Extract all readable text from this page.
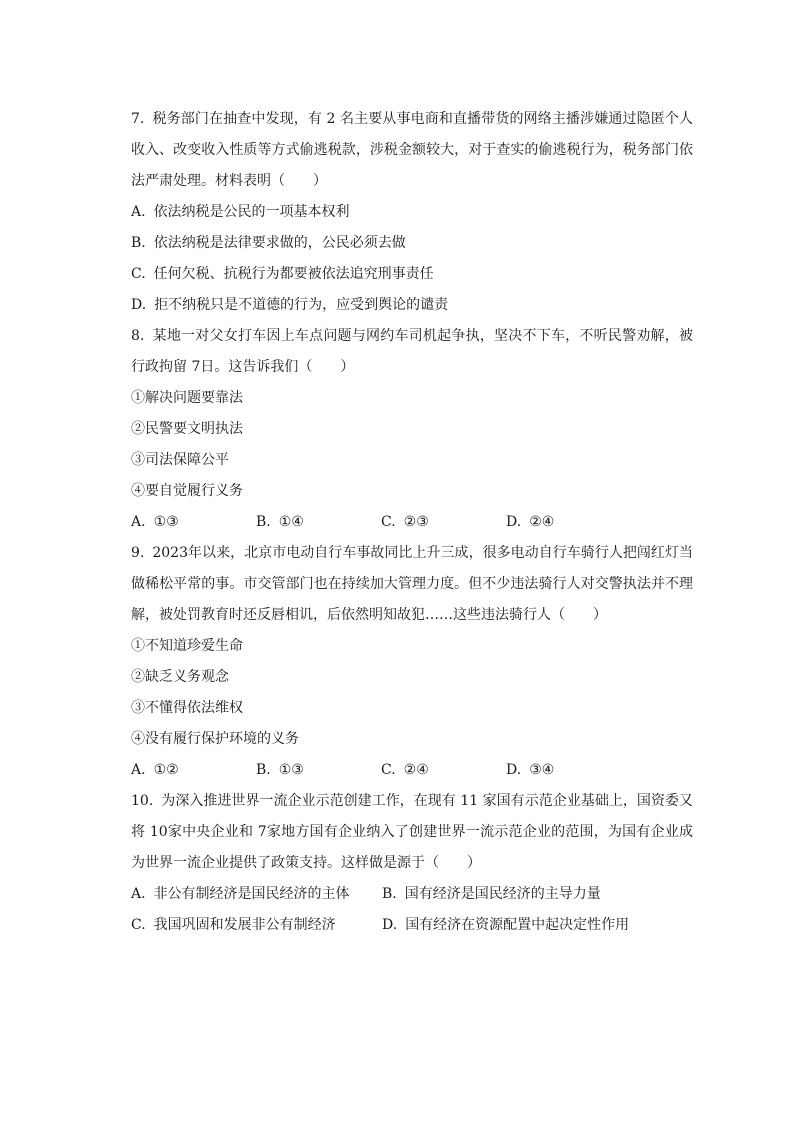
7. 税务部门在抽查中发现，有 2 名主要从事电商和直播带货的网络主播涉嫌通过隐匿个人收入、改变收入性质等方式偷逃税款，涉税金额较大，对于查实的偷逃税行为，税务部门依法严肃处理。材料表明（　　）

A. 依法纳税是公民的一项基本权利

B. 依法纳税是法律要求做的，公民必须去做

C. 任何欠税、抗税行为都要被依法追究刑事责任

D. 拒不纳税只是不道德的行为，应受到舆论的谴责

8. 某地一对父女打车因上车点问题与网约车司机起争执，坚决不下车，不听民警劝解，被行政拘留 7日。这告诉我们（　　）

①解决问题要靠法

②民警要文明执法

③司法保障公平

④要自觉履行义务

A. ①③	B. ①④	C. ②③	D. ②④

9. 2023年以来，北京市电动自行车事故同比上升三成，很多电动自行车骑行人把闯红灯当做稀松平常的事。市交管部门也在持续加大管理力度。但不少违法骑行人对交警执法并不理解，被处罚教育时还反唇相讥，后依然明知故犯……这些违法骑行人（　　）

①不知道珍爱生命

②缺乏义务观念

③不懂得依法维权

④没有履行保护环境的义务

A. ①②	B. ①③	C. ②④	D. ③④

10. 为深入推进世界一流企业示范创建工作，在现有 11 家国有示范企业基础上，国资委又将 10家中央企业和 7家地方国有企业纳入了创建世界一流示范企业的范围，为国有企业成为世界一流企业提供了政策支持。这样做是源于（　　）

A. 非公有制经济是国民经济的主体	B. 国有经济是国民经济的主导力量
C. 我国巩固和发展非公有制经济	D. 国有经济在资源配置中起决定性作用
